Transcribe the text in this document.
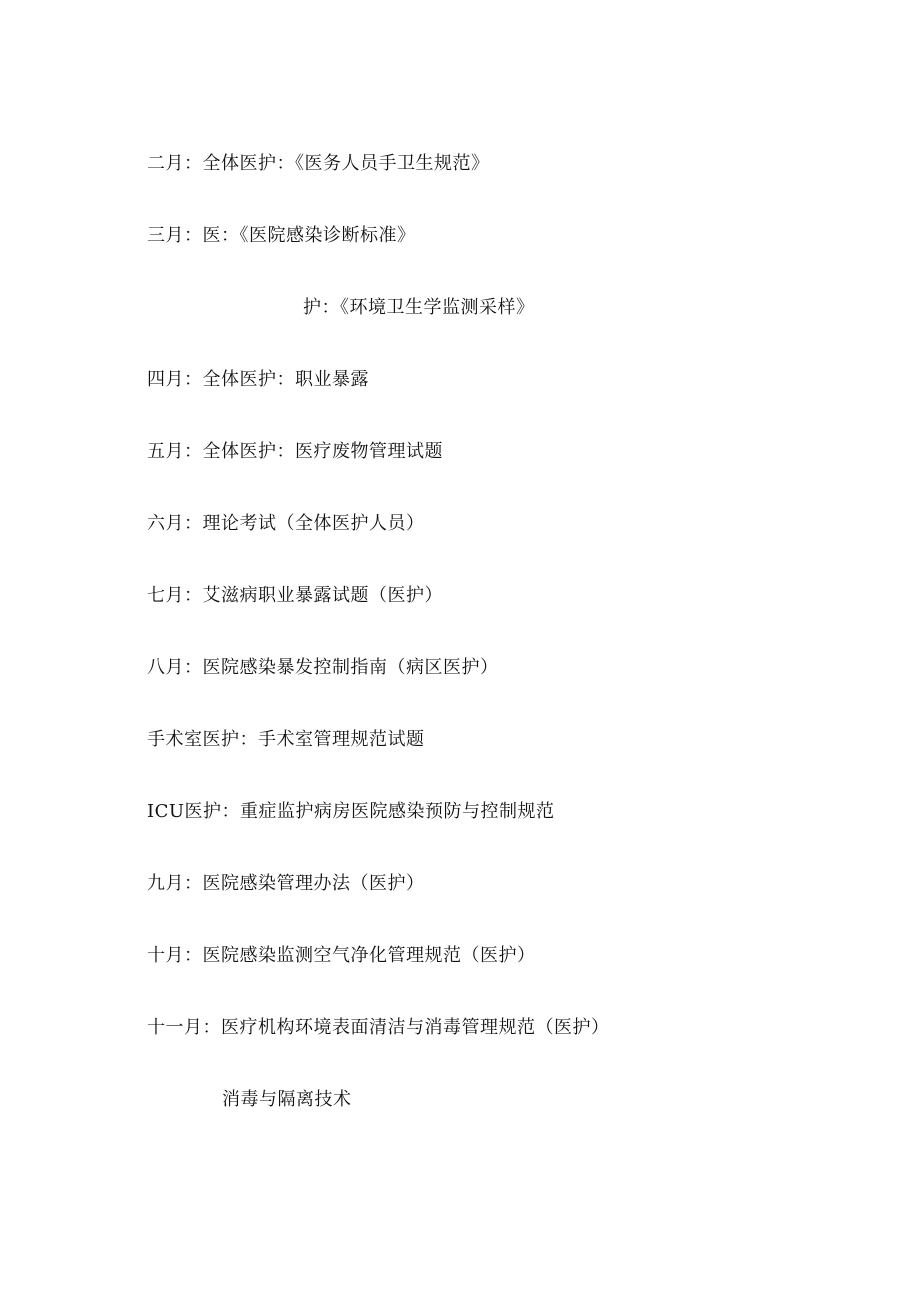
二月：全体医护：《医务人员手卫生规范》
三月：医：《医院感染诊断标准》
护：《环境卫生学监测采样》
四月：全体医护：职业暴露
五月：全体医护：医疗废物管理试题
六月：理论考试（全体医护人员）
七月：艾滋病职业暴露试题（医护）
八月：医院感染暴发控制指南（病区医护）
手术室医护：手术室管理规范试题
ICU医护：重症监护病房医院感染预防与控制规范
九月：医院感染管理办法（医护）
十月：医院感染监测空气净化管理规范（医护）
十一月：医疗机构环境表面清洁与消毒管理规范（医护）
消毒与隔离技术
